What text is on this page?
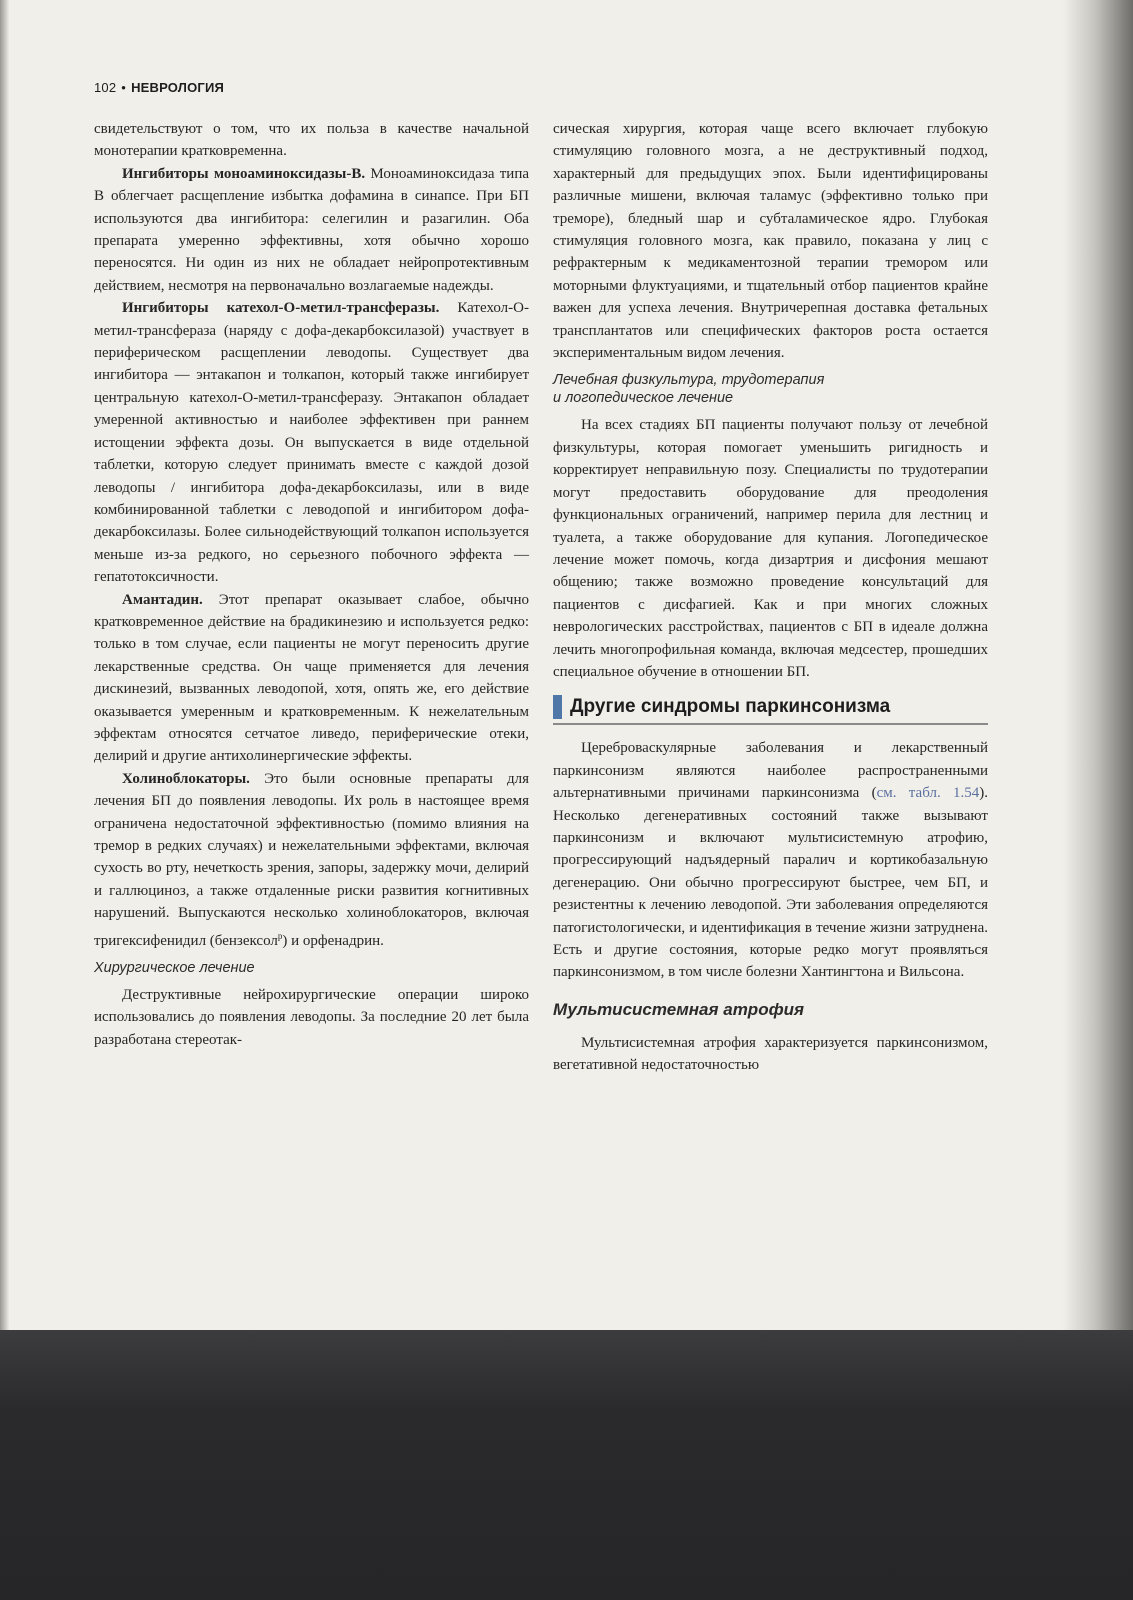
102 • НЕВРОЛОГИЯ

свидетельствуют о том, что их польза в качестве начальной монотерапии кратковременна.

Ингибиторы моноаминоксидазы-В. Моноаминоксидаза типа В облегчает расщепление избытка дофамина в синапсе. При БП используются два ингибитора: селегилин и разагилин. Оба препарата умеренно эффективны, хотя обычно хорошо переносятся. Ни один из них не обладает нейропротективным действием, несмотря на первоначально возлагаемые надежды.

Ингибиторы катехол-О-метил-трансферазы. Катехол-О-метил-трансфераза (наряду с дофа-декарбоксилазой) участвует в периферическом расщеплении леводопы. Существует два ингибитора — энтакапон и толкапон, который также ингибирует центральную катехол-О-метил-трансферазу. Энтакапон обладает умеренной активностью и наиболее эффективен при раннем истощении эффекта дозы. Он выпускается в виде отдельной таблетки, которую следует принимать вместе с каждой дозой леводопы / ингибитора дофа-декарбоксилазы, или в виде комбинированной таблетки с леводопой и ингибитором дофа-декарбоксилазы. Более сильнодействующий толкапон используется меньше из-за редкого, но серьезного побочного эффекта — гепатотоксичности.

Амантадин. Этот препарат оказывает слабое, обычно кратковременное действие на брадикинезию и используется редко: только в том случае, если пациенты не могут переносить другие лекарственные средства. Он чаще применяется для лечения дискинезий, вызванных леводопой, хотя, опять же, его действие оказывается умеренным и кратковременным. К нежелательным эффектам относятся сетчатое ливедо, периферические отеки, делирий и другие антихолинергические эффекты.

Холиноблокаторы. Это были основные препараты для лечения БП до появления леводопы. Их роль в настоящее время ограничена недостаточной эффективностью (помимо влияния на тремор в редких случаях) и нежелательными эффектами, включая сухость во рту, нечеткость зрения, запоры, задержку мочи, делирий и галлюциноз, а также отдаленные риски развития когнитивных нарушений. Выпускаются несколько холиноблокаторов, включая тригексифенидил (бензексол$^р$) и орфенадрин.

Хирургическое лечение

Деструктивные нейрохирургические операции широко использовались до появления леводопы. За последние 20 лет была разработана стереотак-

сическая хирургия, которая чаще всего включает глубокую стимуляцию головного мозга, а не деструктивный подход, характерный для предыдущих эпох. Были идентифицированы различные мишени, включая таламус (эффективно только при треморе), бледный шар и субталамическое ядро. Глубокая стимуляция головного мозга, как правило, показана у лиц с рефрактерным к медикаментозной терапии тремором или моторными флуктуациями, и тщательный отбор пациентов крайне важен для успеха лечения. Внутричерепная доставка фетальных трансплантатов или специфических факторов роста остается экспериментальным видом лечения.

Лечебная физкультура, трудотерапия
и логопедическое лечение

На всех стадиях БП пациенты получают пользу от лечебной физкультуры, которая помогает уменьшить ригидность и корректирует неправильную позу. Специалисты по трудотерапии могут предоставить оборудование для преодоления функциональных ограничений, например перила для лестниц и туалета, а также оборудование для купания. Логопедическое лечение может помочь, когда дизартрия и дисфония мешают общению; также возможно проведение консультаций для пациентов с дисфагией. Как и при многих сложных неврологических расстройствах, пациентов с БП в идеале должна лечить многопрофильная команда, включая медсестер, прошедших специальное обучение в отношении БП.

Другие синдромы паркинсонизма

Цереброваскулярные заболевания и лекарственный паркинсонизм являются наиболее распространенными альтернативными причинами паркинсонизма (см. табл. 1.54). Несколько дегенеративных состояний также вызывают паркинсонизм и включают мультисистемную атрофию, прогрессирующий надъядерный паралич и кортикобазальную дегенерацию. Они обычно прогрессируют быстрее, чем БП, и резистентны к лечению леводопой. Эти заболевания определяются патогистологически, и идентификация в течение жизни затруднена. Есть и другие состояния, которые редко могут проявляться паркинсонизмом, в том числе болезни Хантингтона и Вильсона.

Мультисистемная атрофия

Мультисистемная атрофия характеризуется паркинсонизмом, вегетативной недостаточностью
